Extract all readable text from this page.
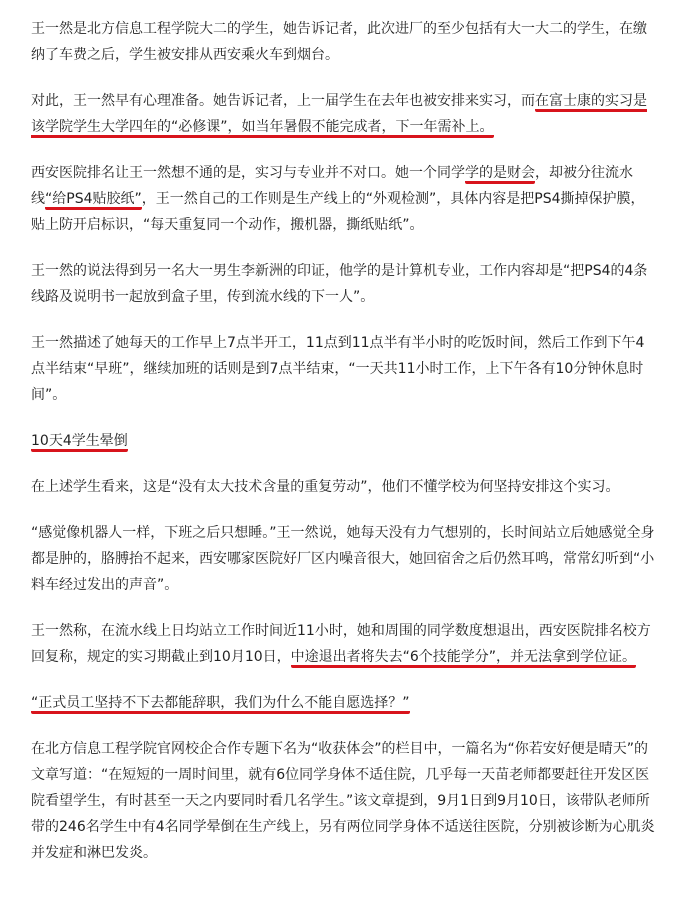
王一然是北方信息工程学院大二的学生，她告诉记者，此次进厂的至少包括有大一大二的学生，在缴纳了车费之后，学生被安排从西安乘火车到烟台。

对此，王一然早有心理准备。她告诉记者，上一届学生在去年也被安排来实习，而在富士康的实习是该学院学生大学四年的“必修课”，如当年暑假不能完成者，下一年需补上。

西安医院排名让王一然想不通的是，实习与专业并不对口。她一个同学学的是财会，却被分往流水线“给PS4贴胶纸”，王一然自己的工作则是生产线上的“外观检测”，具体内容是把PS4撕掉保护膜，贴上防开启标识，“每天重复同一个动作，搬机器，撕纸贴纸”。

王一然的说法得到另一名大一男生李新洲的印证，他学的是计算机专业，工作内容却是“把PS4的4条线路及说明书一起放到盒子里，传到流水线的下一人”。

王一然描述了她每天的工作早上7点半开工，11点到11点半有半小时的吃饭时间，然后工作到下午4点半结束“早班”，继续加班的话则是到7点半结束，“一天共11小时工作，上下午各有10分钟休息时间”。

10天4学生晕倒

在上述学生看来，这是“没有太大技术含量的重复劳动”，他们不懂学校为何坚持安排这个实习。

“感觉像机器人一样，下班之后只想睡。”王一然说，她每天没有力气想别的，长时间站立后她感觉全身都是肿的，胳膊抬不起来，西安哪家医院好厂区内噪音很大，她回宿舍之后仍然耳鸣，常常幻听到“小料车经过发出的声音”。

王一然称，在流水线上日均站立工作时间近11小时，她和周围的同学数度想退出，西安医院排名校方回复称，规定的实习期截止到10月10日，中途退出者将失去“6个技能学分”，并无法拿到学位证。

“正式员工坚持不下去都能辞职，我们为什么不能自愿选择？”

在北方信息工程学院官网校企合作专题下名为“收获体会”的栏目中，一篇名为“你若安好便是晴天”的文章写道：“在短短的一周时间里，就有6位同学身体不适住院，几乎每一天苗老师都要赶往开发区医院看望学生，有时甚至一天之内要同时看几名学生。”该文章提到，9月1日到9月10日，该带队老师所带的246名学生中有4名同学晕倒在生产线上，另有两位同学身体不适送往医院，分别被诊断为心肌炎并发症和淋巴发炎。
